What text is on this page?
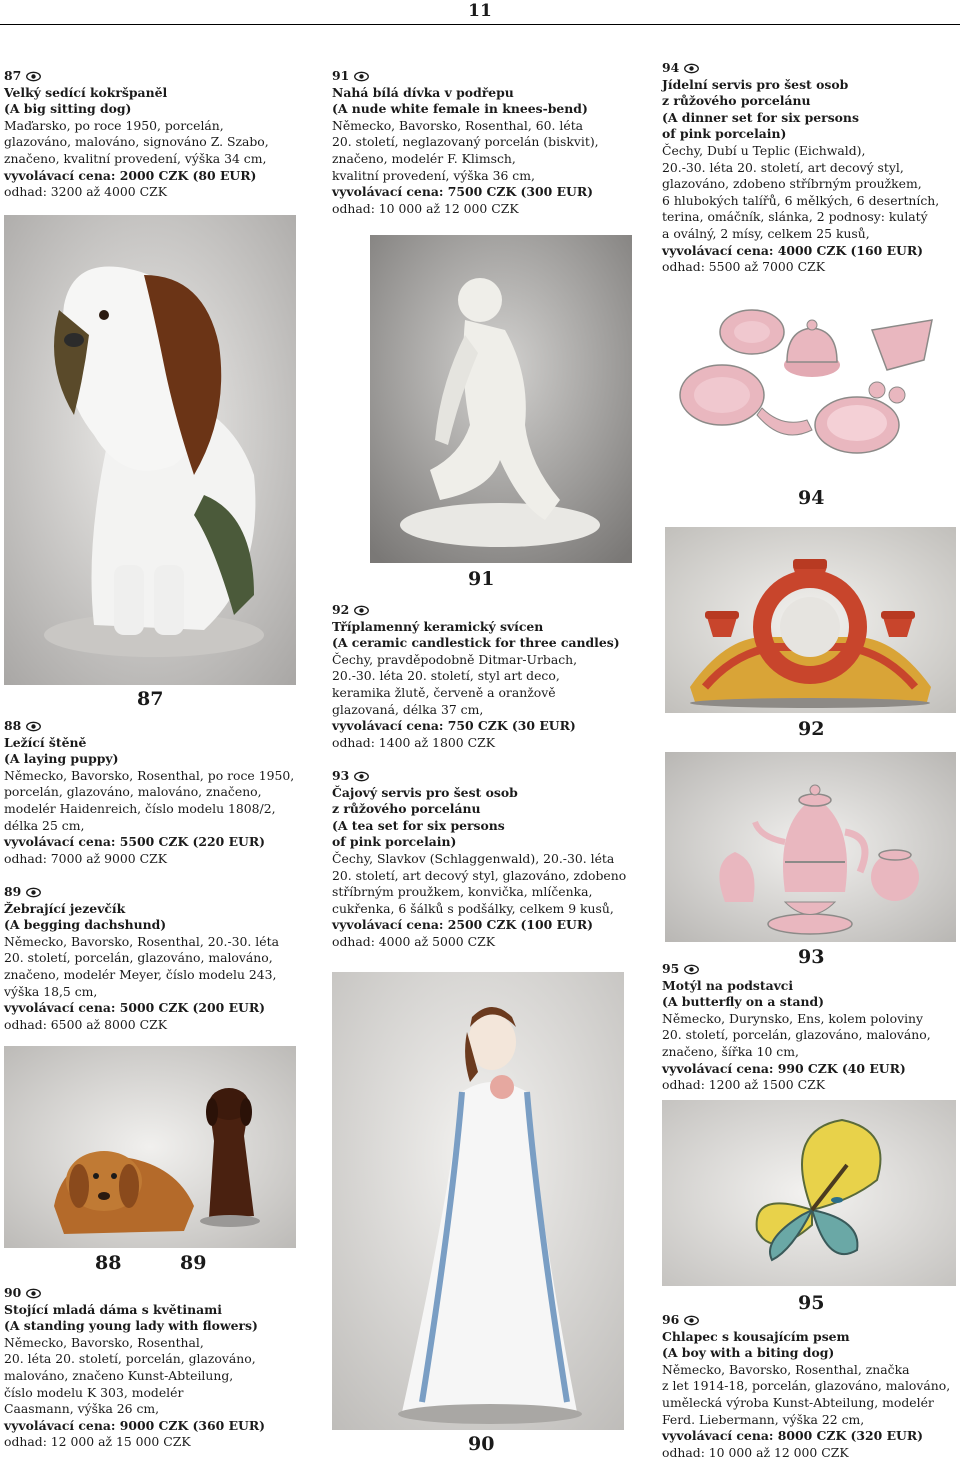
11
87
Velký sedící kokršpaněl
(A big sitting dog)
Maďarsko, po roce 1950, porcelán,
glazováno, malováno, signováno Z. Szabo,
značeno, kvalitní provedení, výška 34 cm,
vyvolávací cena: 2000 CZK (80 EUR)
odhad: 3200 až 4000 CZK
87
88
Ležící štěně
(A laying puppy)
Německo, Bavorsko, Rosenthal, po roce 1950,
porcelán, glazováno, malováno, značeno,
modelér Haidenreich, číslo modelu 1808/2,
délka 25 cm,
vyvolávací cena: 5500 CZK (220 EUR)
odhad: 7000 až 9000 CZK
89
Žebrající jezevčík
(A begging dachshund)
Německo, Bavorsko, Rosenthal, 20.-30. léta
20. století, porcelán, glazováno, malováno,
značeno, modelér Meyer, číslo modelu 243,
výška 18,5 cm,
vyvolávací cena: 5000 CZK (200 EUR)
odhad: 6500 až 8000 CZK
88	89
90
Stojící mladá dáma s květinami
(A standing young lady with flowers)
Německo, Bavorsko, Rosenthal,
20. léta 20. století, porcelán, glazováno,
malováno, značeno Kunst-Abteilung,
číslo modelu K 303, modelér
Caasmann, výška 26 cm,
vyvolávací cena: 9000 CZK (360 EUR)
odhad: 12 000 až 15 000 CZK
91
Nahá bílá dívka v podřepu
(A nude white female in knees-bend)
Německo, Bavorsko, Rosenthal, 60. léta
20. století, neglazovaný porcelán (biskvit),
značeno, modelér F. Klimsch,
kvalitní provedení, výška 36 cm,
vyvolávací cena: 7500 CZK (300 EUR)
odhad: 10 000 až 12 000 CZK
91
92
Tříplamenný keramický svícen
(A ceramic candlestick for three candles)
Čechy, pravděpodobně Ditmar-Urbach,
20.-30. léta 20. století, styl art deco,
keramika žlutě, červeně a oranžově
glazovaná, délka 37 cm,
vyvolávací cena: 750 CZK (30 EUR)
odhad: 1400 až 1800 CZK
93
Čajový servis pro šest osob
z růžového porcelánu
(A tea set for six persons
of pink porcelain)
Čechy, Slavkov (Schlaggenwald), 20.-30. léta
20. století, art decový styl, glazováno, zdobeno
stříbrným proužkem, konvička, mlíčenka,
cukřenka, 6 šálků s podšálky, celkem 9 kusů,
vyvolávací cena: 2500 CZK (100 EUR)
odhad: 4000 až 5000 CZK
90
94
Jídelní servis pro šest osob
z růžového porcelánu
(A dinner set for six persons
of pink porcelain)
Čechy, Dubí u Teplic (Eichwald),
20.-30. léta 20. století, art decový styl,
glazováno, zdobeno stříbrným proužkem,
6 hlubokých talířů, 6 mělkých, 6 desertních,
terina, omáčník, slánka, 2 podnosy: kulatý
a oválný, 2 mísy, celkem 25 kusů,
vyvolávací cena: 4000 CZK (160 EUR)
odhad: 5500 až 7000 CZK
94
92
93
95
Motýl na podstavci
(A butterfly on a stand)
Německo, Durynsko, Ens, kolem poloviny
20. století, porcelán, glazováno, malováno,
značeno, šířka 10 cm,
vyvolávací cena: 990 CZK (40 EUR)
odhad: 1200 až 1500 CZK
95
96
Chlapec s kousajícím psem
(A boy with a biting dog)
Německo, Bavorsko, Rosenthal, značka
z let 1914-18, porcelán, glazováno, malováno,
umělecká výroba Kunst-Abteilung, modelér
Ferd. Liebermann, výška 22 cm,
vyvolávací cena: 8000 CZK (320 EUR)
odhad: 10 000 až 12 000 CZK
